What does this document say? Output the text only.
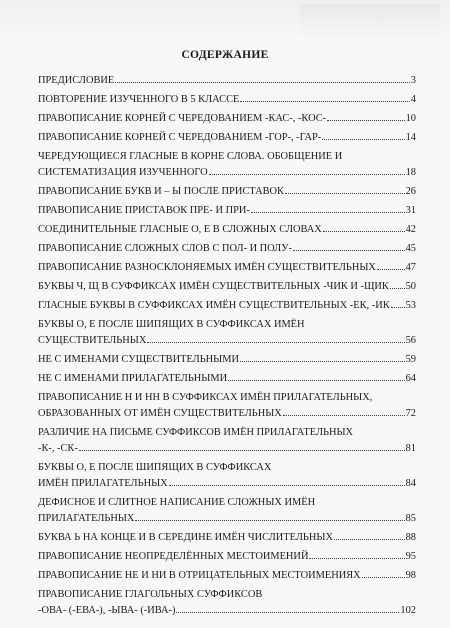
СОДЕРЖАНИЕ
ПРЕДИСЛОВИЕ	3
ПОВТОРЕНИЕ ИЗУЧЕННОГО В 5 КЛАССЕ	4
ПРАВОПИСАНИЕ КОРНЕЙ С ЧЕРЕДОВАНИЕМ -КАС-, -КОС-	10
ПРАВОПИСАНИЕ КОРНЕЙ С ЧЕРЕДОВАНИЕМ -ГОР-, -ГАР-	14
ЧЕРЕДУЮЩИЕСЯ ГЛАСНЫЕ В КОРНЕ СЛОВА. ОБОБЩЕНИЕ И
СИСТЕМАТИЗАЦИЯ ИЗУЧЕННОГО	18
ПРАВОПИСАНИЕ БУКВ И – Ы ПОСЛЕ ПРИСТАВОК	26
ПРАВОПИСАНИЕ ПРИСТАВОК ПРЕ- И ПРИ-	31
СОЕДИНИТЕЛЬНЫЕ ГЛАСНЫЕ О, Е В СЛОЖНЫХ СЛОВАХ	42
ПРАВОПИСАНИЕ СЛОЖНЫХ СЛОВ С ПОЛ- И ПОЛУ-	45
ПРАВОПИСАНИЕ РАЗНОСКЛОНЯЕМЫХ ИМЁН СУЩЕСТВИТЕЛЬНЫХ	47
БУКВЫ Ч, Щ В СУФФИКСАХ ИМЁН СУЩЕСТВИТЕЛЬНЫХ -ЧИК И -ЩИК 50
ГЛАСНЫЕ БУКВЫ В СУФФИКСАХ ИМЁН СУЩЕСТВИТЕЛЬНЫХ -ЕК, -ИК 53
БУКВЫ О, Е ПОСЛЕ ШИПЯЩИХ В СУФФИКСАХ ИМЁН
СУЩЕСТВИТЕЛЬНЫХ	56
НЕ С ИМЕНАМИ СУЩЕСТВИТЕЛЬНЫМИ	59
НЕ С ИМЕНАМИ ПРИЛАГАТЕЛЬНЫМИ	64
ПРАВОПИСАНИЕ Н И НН В СУФФИКСАХ ИМЁН ПРИЛАГАТЕЛЬНЫХ,
ОБРАЗОВАННЫХ ОТ ИМЁН СУЩЕСТВИТЕЛЬНЫХ	72
РАЗЛИЧИЕ НА ПИСЬМЕ СУФФИКСОВ ИМЁН ПРИЛАГАТЕЛЬНЫХ
-К-, -СК-	81
БУКВЫ О, Е ПОСЛЕ ШИПЯЩИХ В СУФФИКСАХ
ИМЁН ПРИЛАГАТЕЛЬНЫХ	84
ДЕФИСНОЕ И СЛИТНОЕ НАПИСАНИЕ СЛОЖНЫХ ИМЁН
ПРИЛАГАТЕЛЬНЫХ	85
БУКВА Ь НА КОНЦЕ И В СЕРЕДИНЕ ИМЁН ЧИСЛИТЕЛЬНЫХ	88
ПРАВОПИСАНИЕ НЕОПРЕДЕЛЁННЫХ МЕСТОИМЕНИЙ	95
ПРАВОПИСАНИЕ НЕ И НИ В ОТРИЦАТЕЛЬНЫХ МЕСТОИМЕНИЯХ	98
ПРАВОПИСАНИЕ ГЛАГОЛЬНЫХ СУФФИКСОВ
-ОВА- (-ЕВА-), -ЫВА- (-ИВА-)	102
